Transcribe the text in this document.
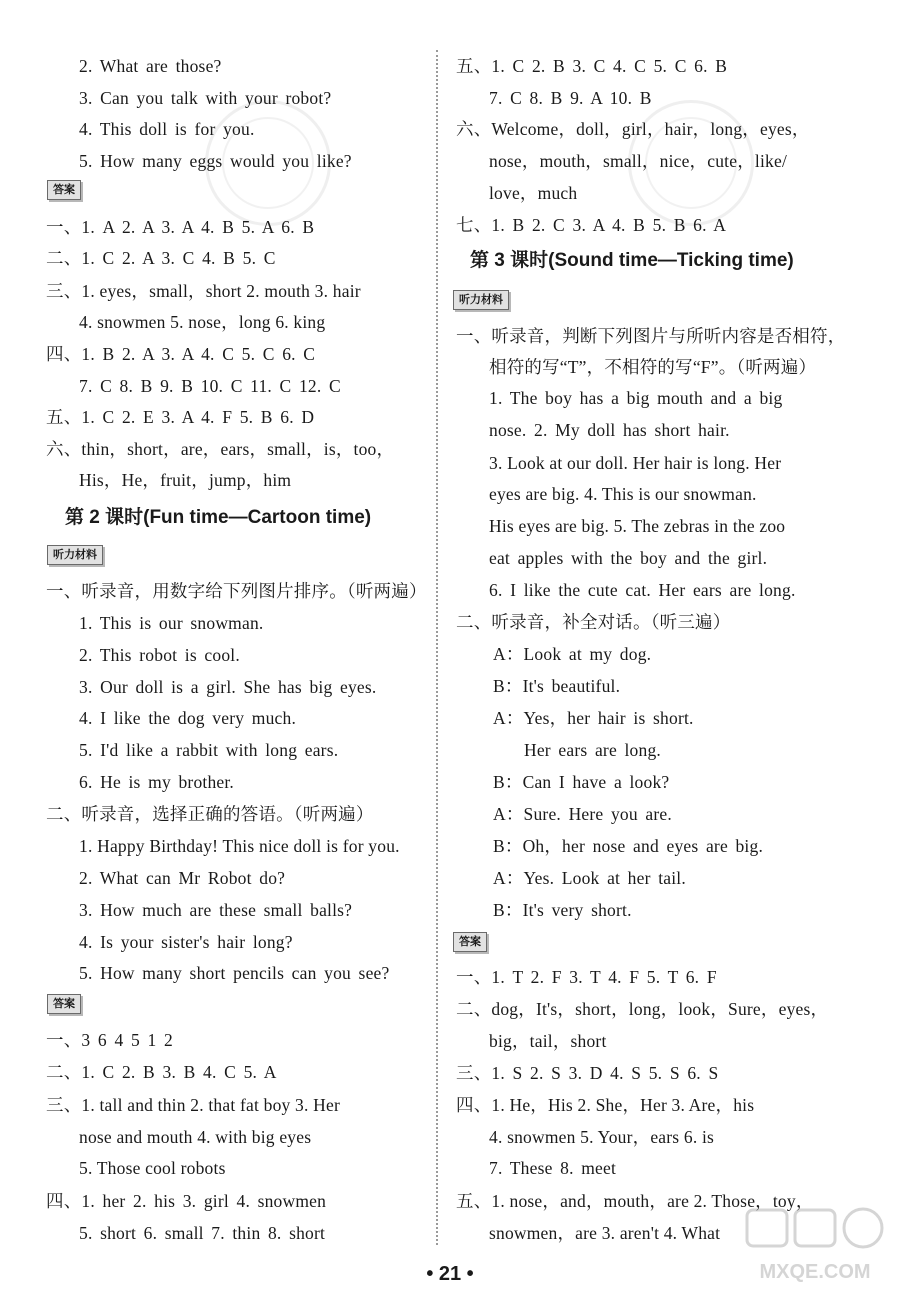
2. What are those?
3. Can you talk with your robot?
4. This doll is for you.
5. How many eggs would you like?
答案
一、1. A 2. A 3. A 4. B 5. A 6. B
二、1. C 2. A 3. C 4. B 5. C
三、1. eyes，small，short 2. mouth 3. hair
4. snowmen 5. nose，long 6. king
四、1. B 2. A 3. A 4. C 5. C 6. C
7. C 8. B 9. B 10. C 11. C 12. C
五、1. C 2. E 3. A 4. F 5. B 6. D
六、thin，short，are，ears，small，is，too，
His，He，fruit，jump，him
第 2 课时(Fun time—Cartoon time)
听力材料
一、听录音，用数字给下列图片排序。（听两遍）
1. This is our snowman.
2. This robot is cool.
3. Our doll is a girl. She has big eyes.
4. I like the dog very much.
5. I'd like a rabbit with long ears.
6. He is my brother.
二、听录音，选择正确的答语。（听两遍）
1. Happy Birthday! This nice doll is for you.
2. What can Mr Robot do?
3. How much are these small balls?
4. Is your sister's hair long?
5. How many short pencils can you see?
答案
一、3 6 4 5 1 2
二、1. C 2. B 3. B 4. C 5. A
三、1. tall and thin 2. that fat boy 3. Her
nose and mouth 4. with big eyes
5. Those cool robots
四、1. her 2. his 3. girl 4. snowmen
5. short 6. small 7. thin 8. short
五、1. C 2. B 3. C 4. C 5. C 6. B
7. C 8. B 9. A 10. B
六、Welcome，doll，girl，hair，long，eyes，
nose，mouth，small，nice，cute，like/
love，much
七、1. B 2. C 3. A 4. B 5. B 6. A
第 3 课时(Sound time—Ticking time)
听力材料
一、听录音，判断下列图片与所听内容是否相符，
相符的写“T”，不相符的写“F”。（听两遍）
1. The boy has a big mouth and a big
nose. 2. My doll has short hair.
3. Look at our doll. Her hair is long. Her
eyes are big. 4. This is our snowman.
His eyes are big. 5. The zebras in the zoo
eat apples with the boy and the girl.
6. I like the cute cat. Her ears are long.
二、听录音，补全对话。（听三遍）
A：Look at my dog.
B：It's beautiful.
A：Yes，her hair is short.
Her ears are long.
B：Can I have a look?
A：Sure. Here you are.
B：Oh，her nose and eyes are big.
A：Yes. Look at her tail.
B：It's very short.
答案
一、1. T 2. F 3. T 4. F 5. T 6. F
二、dog，It's，short，long，look，Sure，eyes，
big，tail，short
三、1. S 2. S 3. D 4. S 5. S 6. S
四、1. He，His 2. She，Her 3. Are，his
4. snowmen 5. Your，ears 6. is
7. These 8. meet
五、1. nose，and，mouth，are 2. Those，toy，
snowmen，are 3. aren't 4. What
MXQE.COM
• 21 •
